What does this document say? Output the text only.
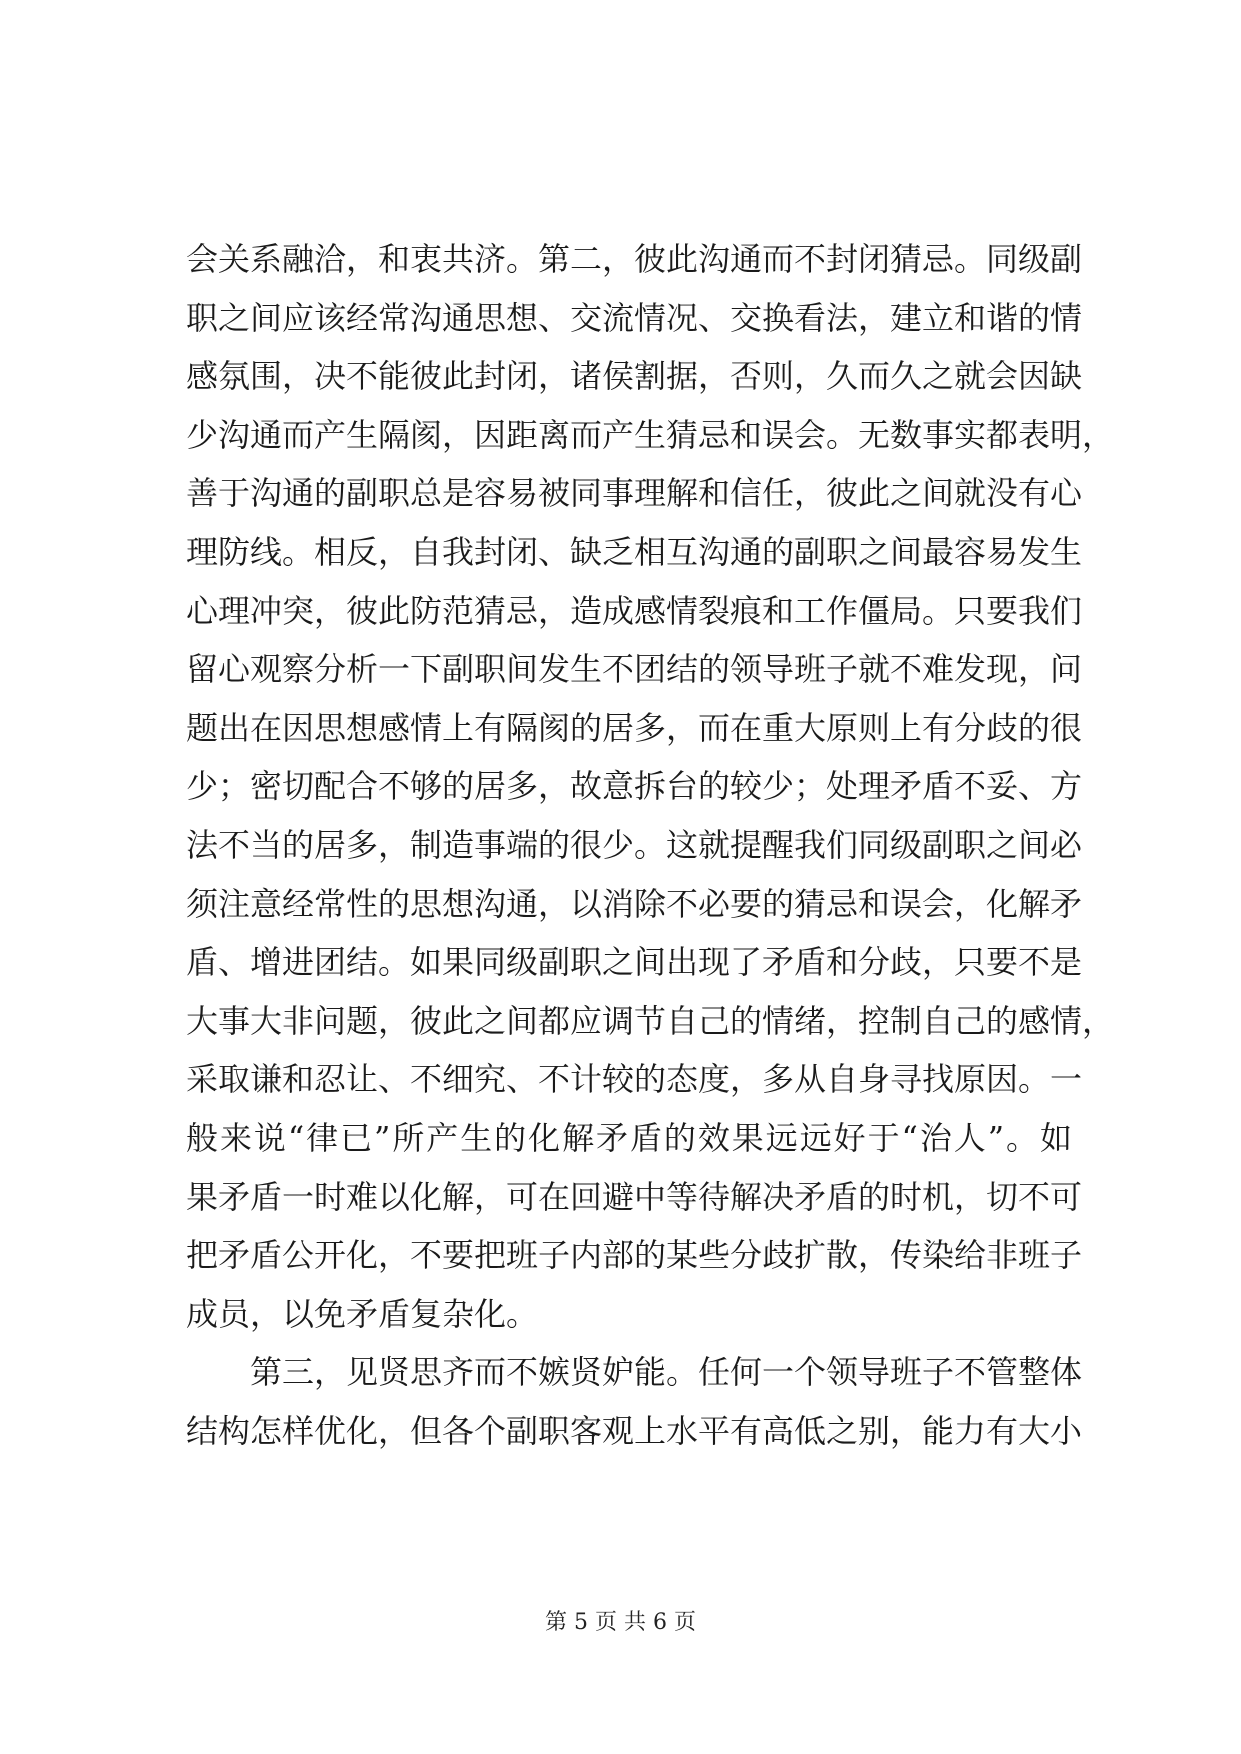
会关系融洽，和衷共济。第二，彼此沟通而不封闭猜忌。同级副
职之间应该经常沟通思想、交流情况、交换看法，建立和谐的情
感氛围，决不能彼此封闭，诸侯割据，否则，久而久之就会因缺
少沟通而产生隔阂，因距离而产生猜忌和误会。无数事实都表明，
善于沟通的副职总是容易被同事理解和信任，彼此之间就没有心
理防线。相反，自我封闭、缺乏相互沟通的副职之间最容易发生
心理冲突，彼此防范猜忌，造成感情裂痕和工作僵局。只要我们
留心观察分析一下副职间发生不团结的领导班子就不难发现，问
题出在因思想感情上有隔阂的居多，而在重大原则上有分歧的很
少；密切配合不够的居多，故意拆台的较少；处理矛盾不妥、方
法不当的居多，制造事端的很少。这就提醒我们同级副职之间必
须注意经常性的思想沟通，以消除不必要的猜忌和误会，化解矛
盾、增进团结。如果同级副职之间出现了矛盾和分歧，只要不是
大事大非问题，彼此之间都应调节自己的情绪，控制自己的感情，
采取谦和忍让、不细究、不计较的态度，多从自身寻找原因。一
般来说“律已”所产生的化解矛盾的效果远远好于“治人”。如
果矛盾一时难以化解，可在回避中等待解决矛盾的时机，切不可
把矛盾公开化，不要把班子内部的某些分歧扩散，传染给非班子
成员，以免矛盾复杂化。
第三，见贤思齐而不嫉贤妒能。任何一个领导班子不管整体
结构怎样优化，但各个副职客观上水平有高低之别，能力有大小
第 5 页 共 6 页
